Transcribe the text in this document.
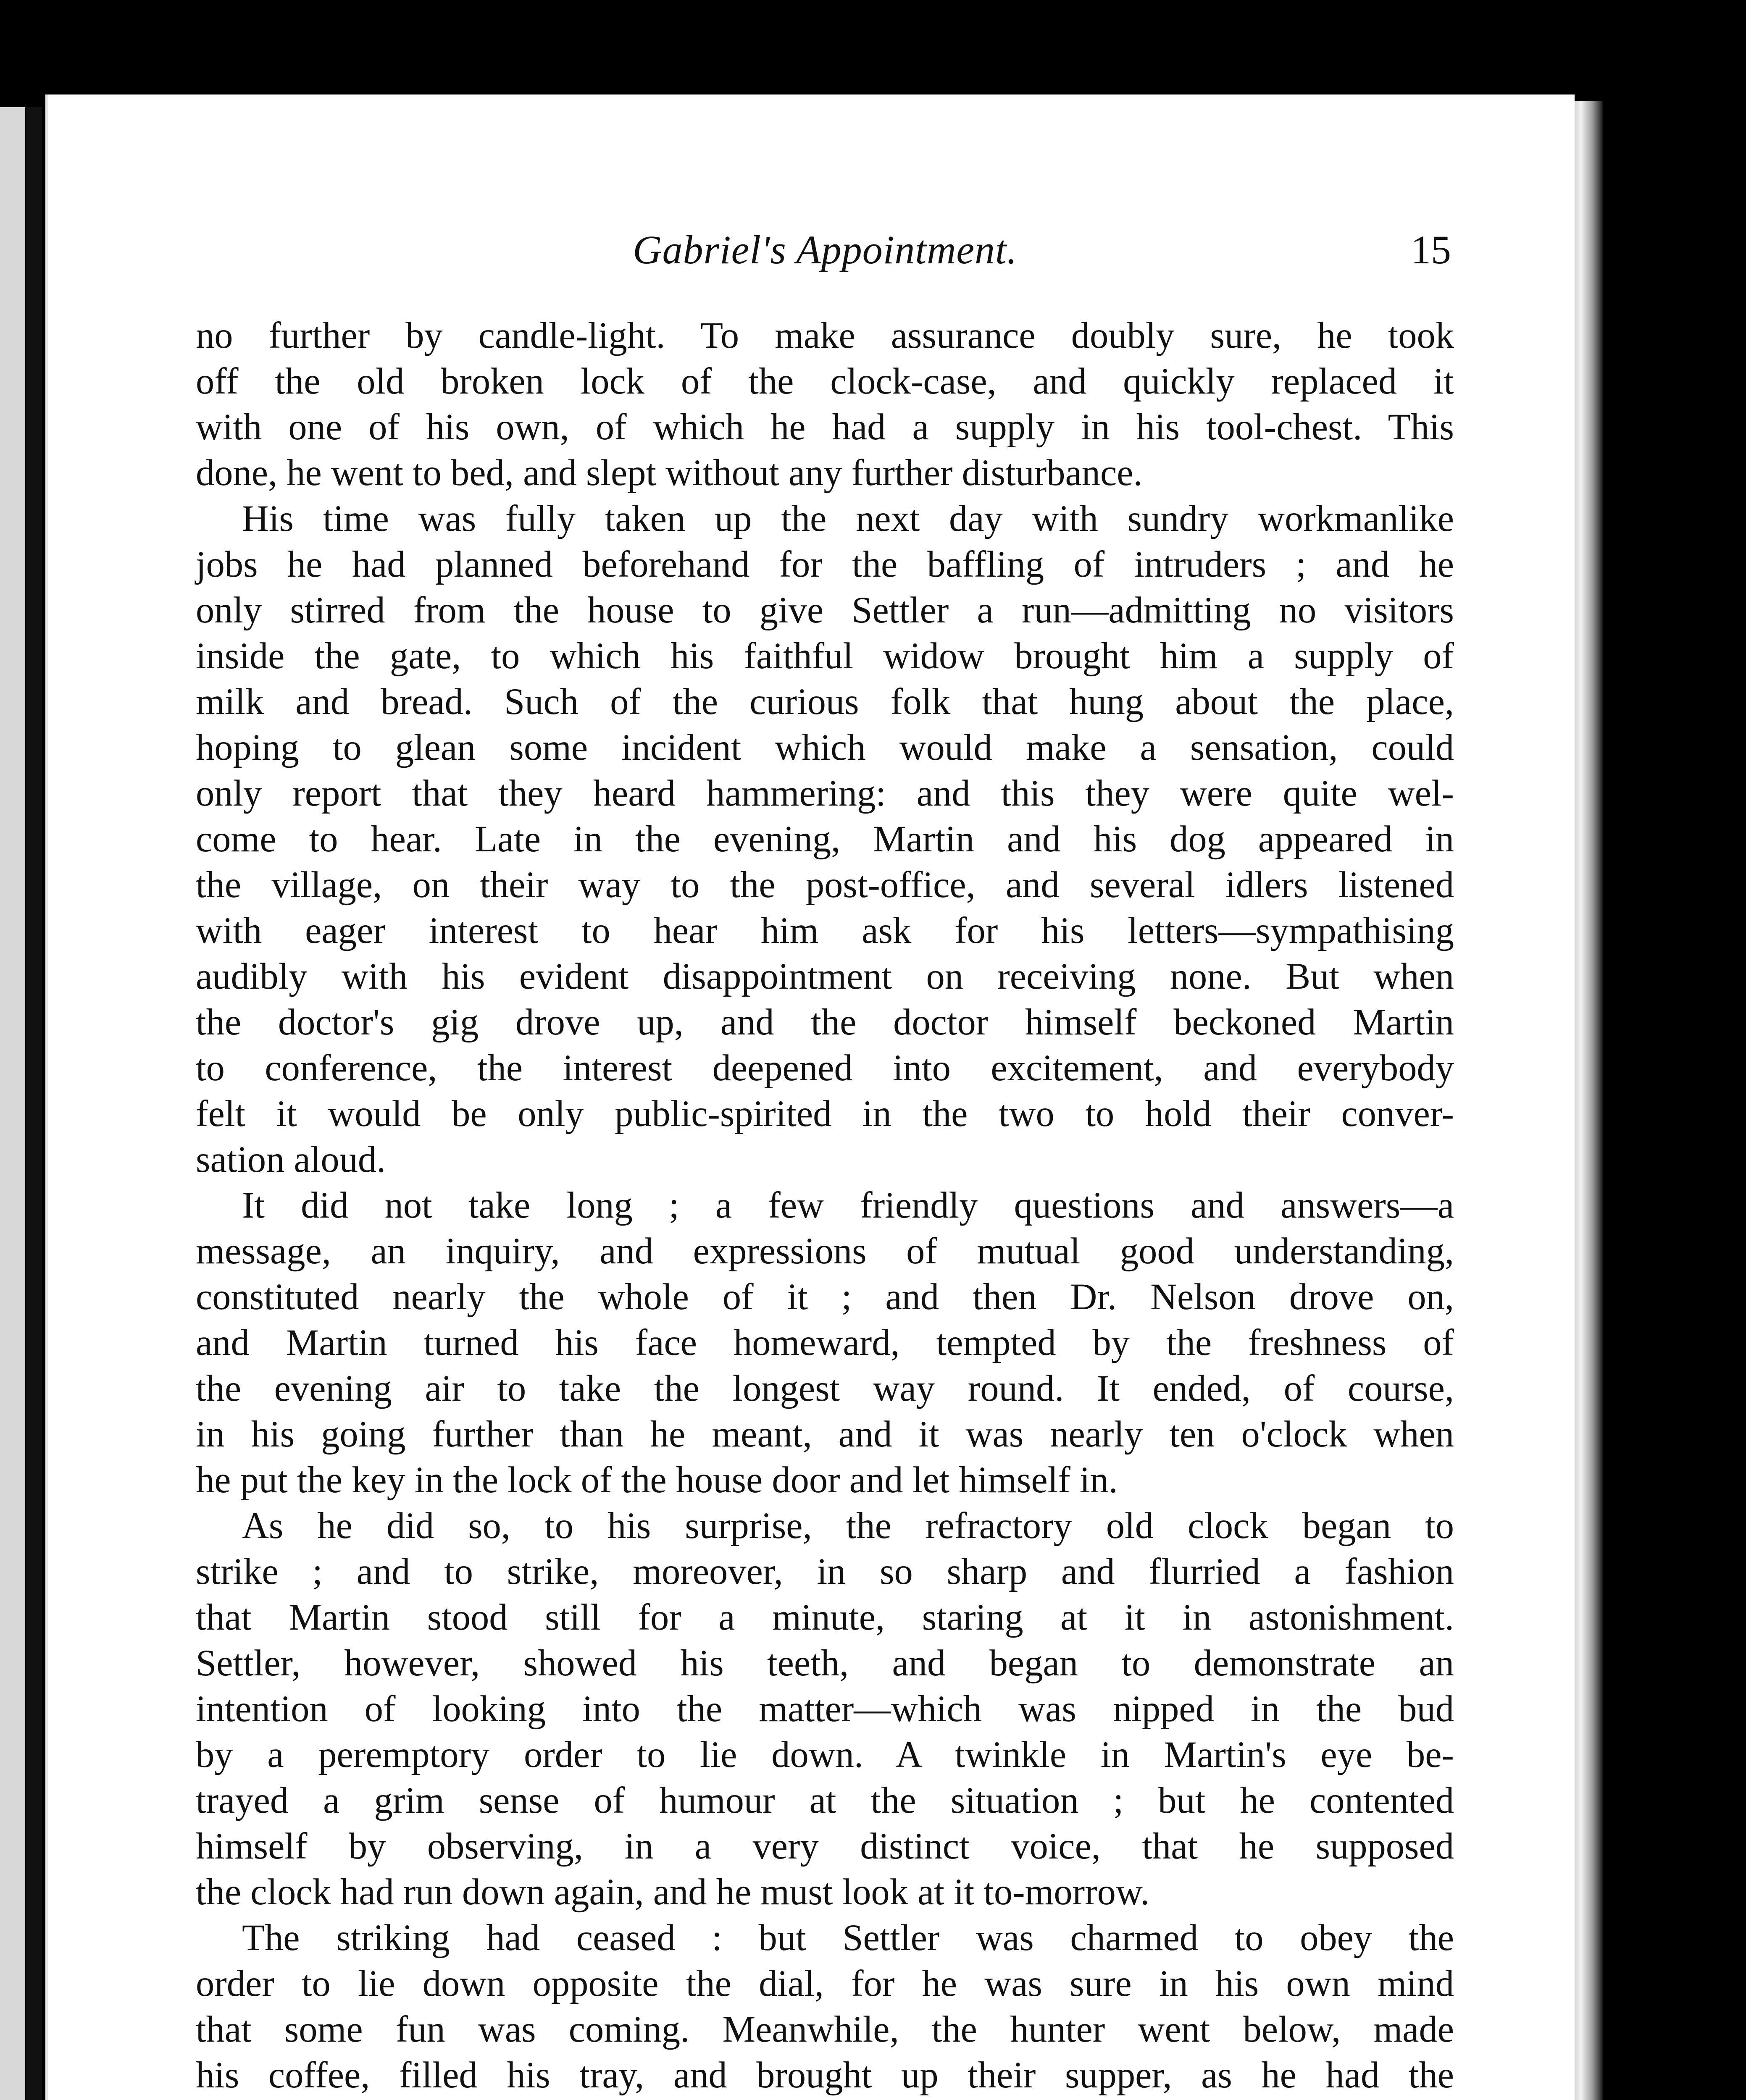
Gabriel's Appointment.	15
no further by candle-light. To make assurance doubly sure, he took
off the old broken lock of the clock-case, and quickly replaced it
with one of his own, of which he had a supply in his tool-chest. This
done, he went to bed, and slept without any further disturbance.
His time was fully taken up the next day with sundry workmanlike
jobs he had planned beforehand for the baffling of intruders ; and he
only stirred from the house to give Settler a run—admitting no visitors
inside the gate, to which his faithful widow brought him a supply of
milk and bread. Such of the curious folk that hung about the place,
hoping to glean some incident which would make a sensation, could
only report that they heard hammering: and this they were quite wel-
come to hear. Late in the evening, Martin and his dog appeared in
the village, on their way to the post-office, and several idlers listened
with eager interest to hear him ask for his letters—sympathising
audibly with his evident disappointment on receiving none. But when
the doctor's gig drove up, and the doctor himself beckoned Martin
to conference, the interest deepened into excitement, and everybody
felt it would be only public-spirited in the two to hold their conver-
sation aloud.
It did not take long ; a few friendly questions and answers—a
message, an inquiry, and expressions of mutual good understanding,
constituted nearly the whole of it ; and then Dr. Nelson drove on,
and Martin turned his face homeward, tempted by the freshness of
the evening air to take the longest way round. It ended, of course,
in his going further than he meant, and it was nearly ten o'clock when
he put the key in the lock of the house door and let himself in.
As he did so, to his surprise, the refractory old clock began to
strike ; and to strike, moreover, in so sharp and flurried a fashion
that Martin stood still for a minute, staring at it in astonishment.
Settler, however, showed his teeth, and began to demonstrate an
intention of looking into the matter—which was nipped in the bud
by a peremptory order to lie down. A twinkle in Martin's eye be-
trayed a grim sense of humour at the situation ; but he contented
himself by observing, in a very distinct voice, that he supposed
the clock had run down again, and he must look at it to-morrow.
The striking had ceased : but Settler was charmed to obey the
order to lie down opposite the dial, for he was sure in his own mind
that some fun was coming. Meanwhile, the hunter went below, made
his coffee, filled his tray, and brought up their supper, as he had the
